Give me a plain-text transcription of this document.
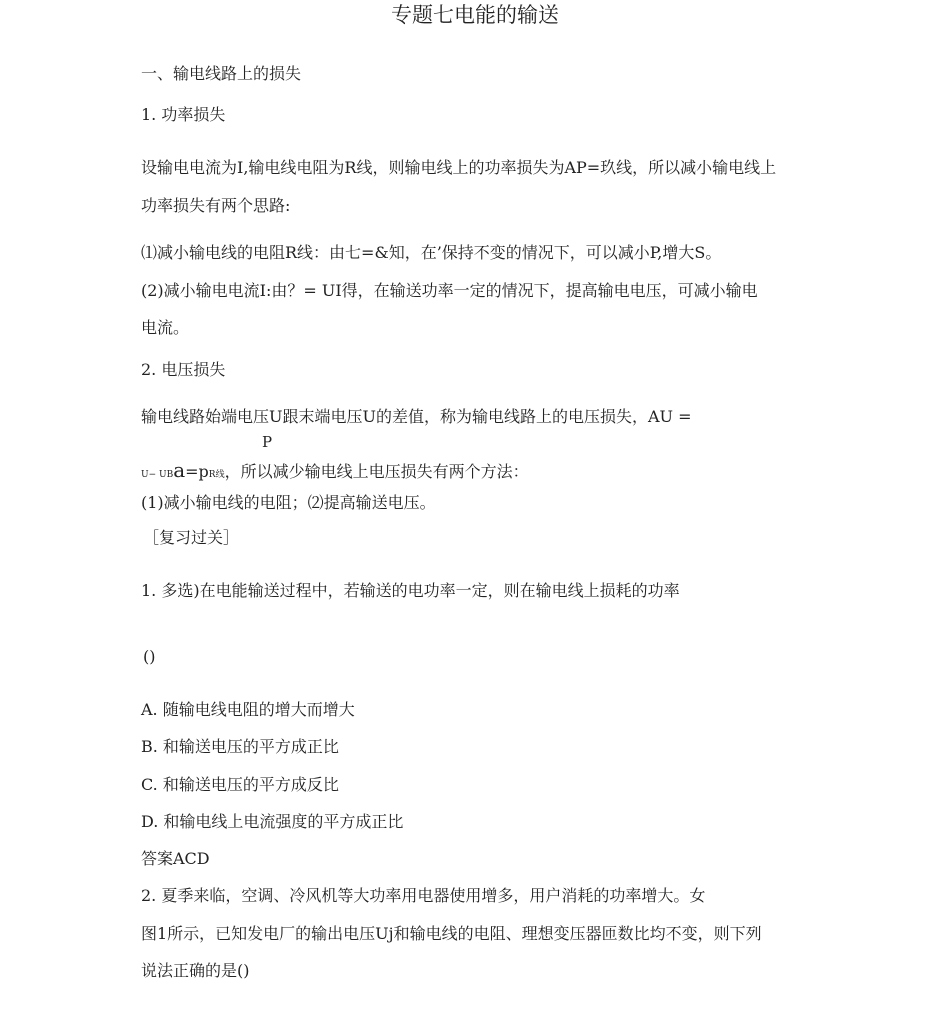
专题七电能的输送
一、输电线路上的损失
1. 功率损失
设输电电流为I,输电线电阻为R线，则输电线上的功率损失为AP=玖线，所以减小输电线上
功率损失有两个思路:
⑴减小输电线的电阻R线：由七=&知，在’保持不变的情况下，可以减小P,增大S。
(2)减小输电电流I:由？= UI得，在输送功率一定的情况下，提高输电电压，可减小输电
电流。
2. 电压损失
输电线路始端电压U跟末端电压U的差值，称为输电线路上的电压损失，AU =
P
U− UBa=pR线，所以减少输电线上电压损失有两个方法：
(1)减小输电线的电阻；⑵提高输送电压。
［复习过关］
1. 多选)在电能输送过程中，若输送的电功率一定，则在输电线上损耗的功率
()
A. 随输电线电阻的增大而增大
B. 和输送电压的平方成正比
C. 和输送电压的平方成反比
D. 和输电线上电流强度的平方成正比
答案ACD
2. 夏季来临，空调、冷风机等大功率用电器使用增多，用户消耗的功率增大。女
图1所示，已知发电厂的输出电压Uj和输电线的电阻、理想变压器匝数比均不变，则下列
说法正确的是()
